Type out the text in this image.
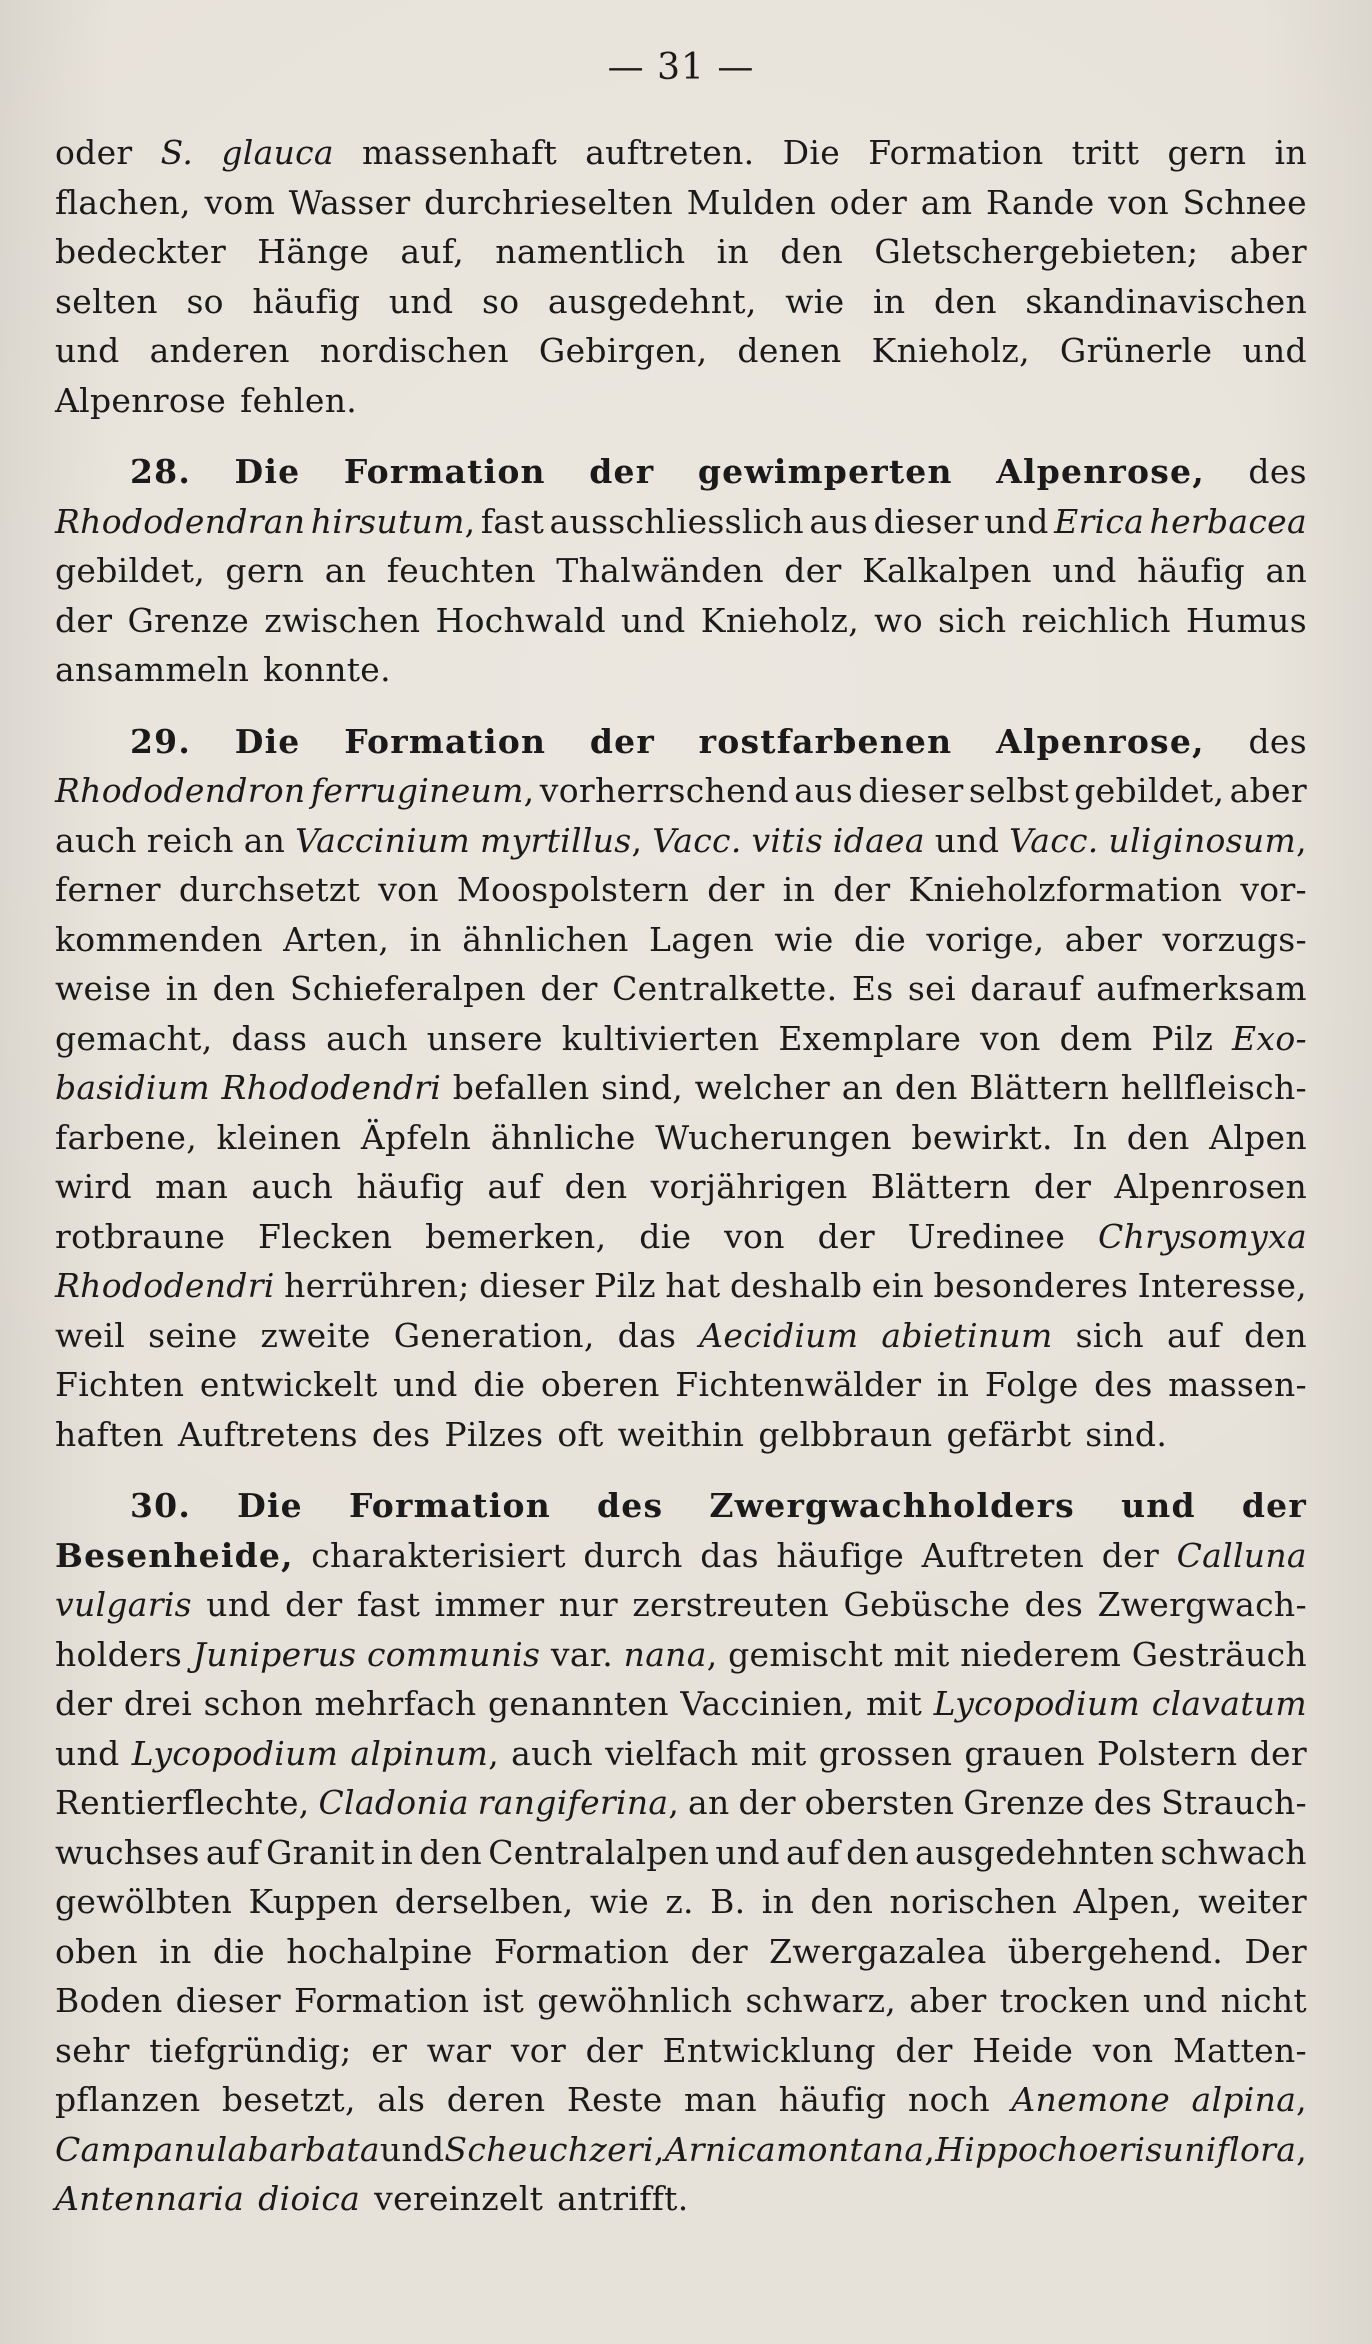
— 31 —
oder S. glauca massenhaft auftreten. Die Formation tritt gern in
flachen, vom Wasser durchrieselten Mulden oder am Rande von Schnee
bedeckter Hänge auf, namentlich in den Gletschergebieten; aber
selten so häufig und so ausgedehnt, wie in den skandinavischen
und anderen nordischen Gebirgen, denen Knieholz, Grünerle und
Alpenrose fehlen.
28. Die Formation der gewimperten Alpenrose, des
Rhododendran hirsutum, fast ausschliesslich aus dieser und Erica herbacea
gebildet, gern an feuchten Thalwänden der Kalkalpen und häufig an
der Grenze zwischen Hochwald und Knieholz, wo sich reichlich Humus
ansammeln konnte.
29. Die Formation der rostfarbenen Alpenrose, des
Rhododendron ferrugineum, vorherrschend aus dieser selbst gebildet, aber
auch reich an Vaccinium myrtillus, Vacc. vitis idaea und Vacc. uliginosum,
ferner durchsetzt von Moospolstern der in der Knieholzformation vor-
kommenden Arten, in ähnlichen Lagen wie die vorige, aber vorzugs-
weise in den Schieferalpen der Centralkette. Es sei darauf aufmerksam
gemacht, dass auch unsere kultivierten Exemplare von dem Pilz Exo-
basidium Rhododendri befallen sind, welcher an den Blättern hellfleisch-
farbene, kleinen Äpfeln ähnliche Wucherungen bewirkt. In den Alpen
wird man auch häufig auf den vorjährigen Blättern der Alpenrosen
rotbraune Flecken bemerken, die von der Uredinee Chrysomyxa
Rhododendri herrühren; dieser Pilz hat deshalb ein besonderes Interesse,
weil seine zweite Generation, das Aecidium abietinum sich auf den
Fichten entwickelt und die oberen Fichtenwälder in Folge des massen-
haften Auftretens des Pilzes oft weithin gelbbraun gefärbt sind.
30. Die Formation des Zwergwachholders und der
Besenheide, charakterisiert durch das häufige Auftreten der Calluna
vulgaris und der fast immer nur zerstreuten Gebüsche des Zwergwach-
holders Juniperus communis var. nana, gemischt mit niederem Gesträuch
der drei schon mehrfach genannten Vaccinien, mit Lycopodium clavatum
und Lycopodium alpinum, auch vielfach mit grossen grauen Polstern der
Rentierflechte, Cladonia rangiferina, an der obersten Grenze des Strauch-
wuchses auf Granit in den Centralalpen und auf den ausgedehnten schwach
gewölbten Kuppen derselben, wie z. B. in den norischen Alpen, weiter
oben in die hochalpine Formation der Zwergazalea übergehend. Der
Boden dieser Formation ist gewöhnlich schwarz, aber trocken und nicht
sehr tiefgründig; er war vor der Entwicklung der Heide von Matten-
pflanzen besetzt, als deren Reste man häufig noch Anemone alpina,
Campanula barbata und Scheuchzeri, Arnica montana, Hippochoeris uniflora,
Antennaria dioica vereinzelt antrifft.
